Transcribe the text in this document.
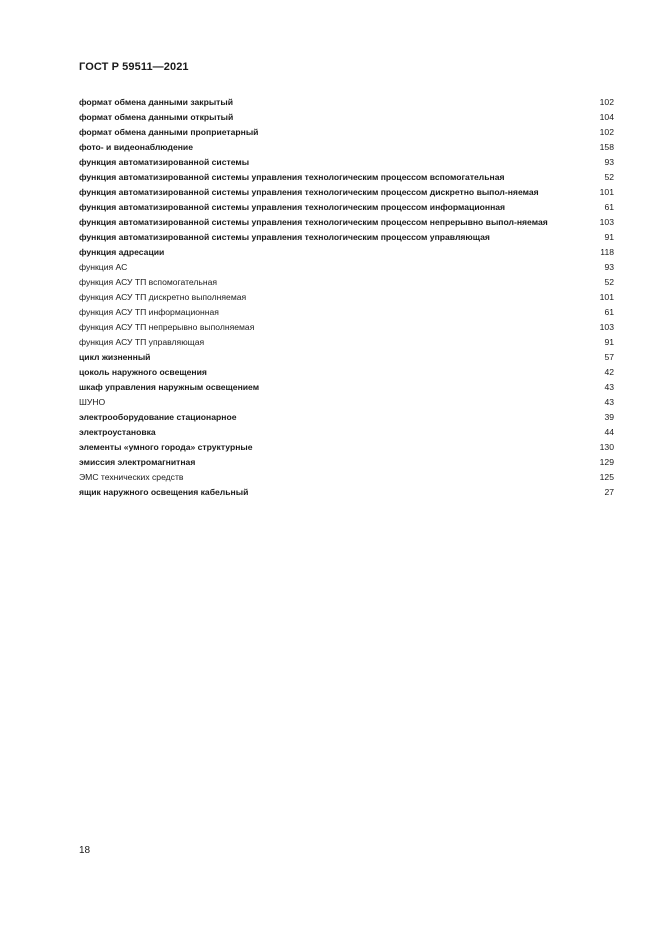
ГОСТ Р 59511—2021
формат обмена данными закрытый	102
формат обмена данными открытый	104
формат обмена данными проприетарный	102
фото- и видеонаблюдение	158
функция автоматизированной системы	93
функция автоматизированной системы управления технологическим процессом вспомогательная	52
функция автоматизированной системы управления технологическим процессом дискретно выпол-няемая	101
функция автоматизированной системы управления технологическим процессом информационная	61
функция автоматизированной системы управления технологическим процессом непрерывно выпол-няемая	103
функция автоматизированной системы управления технологическим процессом управляющая	91
функция адресации	118
функция АС	93
функция АСУ ТП вспомогательная	52
функция АСУ ТП дискретно выполняемая	101
функция АСУ ТП информационная	61
функция АСУ ТП непрерывно выполняемая	103
функция АСУ ТП управляющая	91
цикл жизненный	57
цоколь наружного освещения	42
шкаф управления наружным освещением	43
ШУНО	43
электрооборудование стационарное	39
электроустановка	44
элементы «умного города» структурные	130
эмиссия электромагнитная	129
ЭМС технических средств	125
ящик наружного освещения кабельный	27
18
